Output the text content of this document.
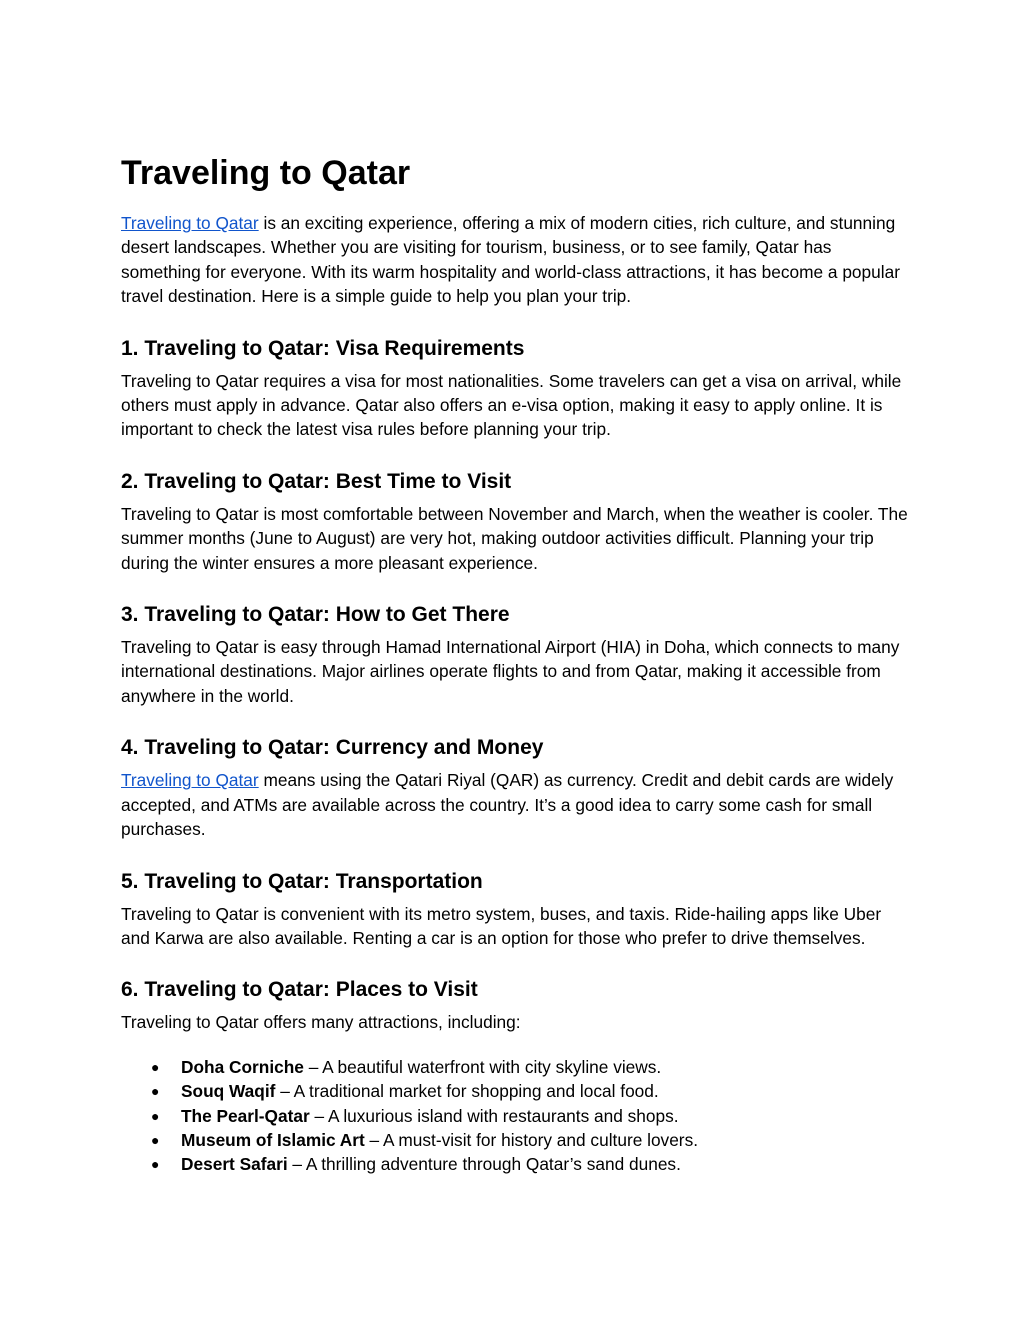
Traveling to Qatar

Traveling to Qatar is an exciting experience, offering a mix of modern cities, rich culture, and stunning desert landscapes. Whether you are visiting for tourism, business, or to see family, Qatar has something for everyone. With its warm hospitality and world-class attractions, it has become a popular travel destination. Here is a simple guide to help you plan your trip.

1. Traveling to Qatar: Visa Requirements

Traveling to Qatar requires a visa for most nationalities. Some travelers can get a visa on arrival, while others must apply in advance. Qatar also offers an e-visa option, making it easy to apply online. It is important to check the latest visa rules before planning your trip.

2. Traveling to Qatar: Best Time to Visit

Traveling to Qatar is most comfortable between November and March, when the weather is cooler. The summer months (June to August) are very hot, making outdoor activities difficult. Planning your trip during the winter ensures a more pleasant experience.

3. Traveling to Qatar: How to Get There

Traveling to Qatar is easy through Hamad International Airport (HIA) in Doha, which connects to many international destinations. Major airlines operate flights to and from Qatar, making it accessible from anywhere in the world.

4. Traveling to Qatar: Currency and Money

Traveling to Qatar means using the Qatari Riyal (QAR) as currency. Credit and debit cards are widely accepted, and ATMs are available across the country. It’s a good idea to carry some cash for small purchases.

5. Traveling to Qatar: Transportation

Traveling to Qatar is convenient with its metro system, buses, and taxis. Ride-hailing apps like Uber and Karwa are also available. Renting a car is an option for those who prefer to drive themselves.

6. Traveling to Qatar: Places to Visit

Traveling to Qatar offers many attractions, including:

● Doha Corniche – A beautiful waterfront with city skyline views.
● Souq Waqif – A traditional market for shopping and local food.
● The Pearl-Qatar – A luxurious island with restaurants and shops.
● Museum of Islamic Art – A must-visit for history and culture lovers.
● Desert Safari – A thrilling adventure through Qatar’s sand dunes.
